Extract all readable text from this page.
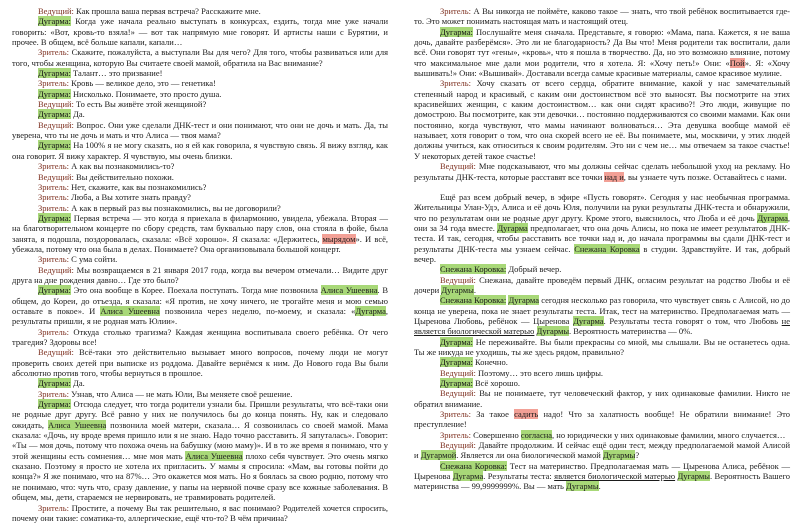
Ведущий: Как прошла ваша первая встреча? Расскажите мне.

Дугарма: Когда уже начала реально выступать в конкурсах, ездить, тогда мне уже начали говорить: «Вот, кровь-то взяла!» — вот так напрямую мне говорят. И артисты наши с Бурятии, и прочее. В общем, всё больше капали, капали…

Зритель: Скажите, пожалуйста, а выступали Вы для чего? Для того, чтобы развиваться или для того, чтобы женщина, которую Вы считаете своей мамой, обратила на Вас внимание?

Дугарма: Талант… это призвание!

Зритель: Кровь — великое дело, это — генетика!

Дугарма: Нисколько. Понимаете, это просто душа.

Ведущий: То есть Вы живёте этой женщиной?

Дугарма: Да.

Ведущий: Вопрос. Они уже сделали ДНК-тест и они понимают, что они не дочь и мать. Да, ты уверена, что ты не дочь и мать и что Алиса — твоя мама?

Дугарма: На 100% я не могу сказать, но я ей как говорила, я чувствую связь. Я вижу взгляд, как она говорит. Я вижу характер. Я чувствую, мы очень близки.

Зритель: А как вы познакомились-то?

Ведущий: Вы действительно похожи.

Зритель: Нет, скажите, как вы познакомились?

Зритель: Люба, а Вы хотите знать правду?

Зритель: А как в первый раз вы познакомились, вы не договорили?

Дугарма: Первая встреча — это когда я приехала в филармонию, увидела, убежала. Вторая — на благотворительном концерте по сбору средств, там буквально пару слов, она стояла в фойе, была занята, я подошла, поздоровалась, сказала: «Всё хорошо». Я сказала: «Держитесь, мырядом». И всё, убежала, потому что она была в делах. Понимаете? Она организовывала большой концерт.

Зритель: С ума сойти.

Ведущий: Мы возвращаемся в 21 января 2017 года, когда вы вечером отмечали… Видите друг друга на дне рождения давно… Где это было?

Дугарма: Это она вообще в Корее. Поехала поступать. Тогда мне позвонила Алиса Ушеевна. В общем, до Кореи, до отъезда, я сказала: «Я против, не хочу ничего, не трогайте меня и мою семью оставьте в покое». И Алиса Ушеевна позвонила через неделю, по-моему, и сказала: «Дугарма, результаты пришли, я не родная мать Юлии».

Зритель: Откуда столько трагизма? Каждая женщина воспитывала своего ребёнка. От чего трагедия? Здоровы все!

Ведущий: Всё-таки это действительно вызывает много вопросов, почему люди не могут проверить своих детей при выписке из роддома. Давайте вернёмся к ним. До Нового года Вы были абсолютно против того, чтобы вернуться в прошлое.

Дугарма: Да.

Зритель: Узнав, что Алиса — не мать Юли, Вы меняете своё решение.

Дугарма: Отсюда следует, что тогда родители узнали бы. Пришли результаты, что всё-таки они не родные друг другу. Всё равно у них не получилось бы до конца понять. Ну, как и следовало ожидать, Алиса Ушеевна позвонила моей матери, сказала… Я созвонилась со своей мамой. Мама сказала: «Дочь, ну вроде время пришло или я не знаю. Надо точно расставить. Я запуталась». Говорит: «Ты — моя дочь, потому что похожа очень на бабушку (мою маму)». И в то же время я понимаю, что у этой женщины есть сомнения… мне моя мать Алиса Ушеевна плохо себя чувствует. Это очень мягко сказано. Поэтому я просто не хотела их пригласить. У мамы я спросила: «Мам, вы готовы пойти до конца?» Я же понимаю, что на 87%… Это окажется моя мать. Но я боялась за свою родню, потому что не понимаю, что: чуть что, сразу давление, у папы на нервной почве сразу все кожные заболевания. В общем, мы, дети, стараемся не нервировать, не травмировать родителей.

Зритель: Простите, а почему Вы так решительно, я вас понимаю? Родителей хочется спросить, почему они такие: соматика-то, аллергические, ещё что-то? В чём причина?

Зритель: А Вы никогда не поймёте, каково такое — знать, что твой ребёнок воспитывается где-то. Это может понимать настоящая мать и настоящий отец.

Дугарма: Послушайте меня сначала. Представьте, я говорю: «Мама, папа. Кажется, я не ваша дочь, давайте разберёмся». Это ли не благодарность? Да Вы что! Меня родители так воспитали, дали всё. Они говорят тут «гены», «кровь», что я пошла в творчество. Да, но это возможно влияние, потому что максимальное мне дали мои родители, что я хотела. Я: «Хочу петь!» Они: «Пой». Я: «Хочу вышивать!» Они: «Вышивай». Доставали всегда самые красивые материалы, самое красивое мулине.

Зритель: Хочу сказать от всего сердца, обратите внимание, какой у нас замечательный степенный народ и красивый, с каким они достоинством всё это выносят. Вы посмотрите на этих красивейших женщин, с каким достоинством… как они сидят красиво?! Это люди, живущие по домострою. Вы посмотрите, как эти девочки… постоянно поддерживаются со своими мамами. Как они постоянно, когда чувствуют, что мамы начинают волноваться… Эта девушка вообще мамой её называет, хотя говорит о том, что она скорей всего не её. Вы понимаете, мы, москвичи, у этих людей должны учиться, как относиться к своим родителям. Это ни с чем не… мы отвечаем за такое счастье! У некоторых детей такое счастье!

Ведущий: Мне подсказывают, что мы должны сейчас сделать небольшой уход на рекламу. Но результаты ДНК-теста, которые расставят все точки над и, вы узнаете чуть позже. Оставайтесь с нами.

Ещё раз всем добрый вечер, в эфире «Пусть говорят». Сегодня у нас необычная программа. Жительницы Улан-Удэ, Алиса и её дочь Юля, получили на руки результаты ДНК-теста и обнаружили, что по результатам они не родные друг другу. Кроме этого, выяснилось, что Люба и её дочь Дугарма, они за 34 года вместе. Дугарма предполагает, что она дочь Алисы, но пока не имеет результатов ДНК-теста. И так, сегодня, чтобы расставить все точки над и, до начала программы вы сдали ДНК-тест и результаты ДНК-теста мы узнаем сейчас. Снежана Коровка в студии. Здравствуйте. И так, добрый вечер.

Снежана Коровка: Добрый вечер.

Ведущий: Снежана, давайте проведём первый ДНК, огласим результат на родство Любы и её дочери Дугармы.

Снежана Коровка: Дугарма сегодня несколько раз говорила, что чувствует связь с Алисой, но до конца не уверена, пока не знает результаты теста. Итак, тест на материнство. Предполагаемая мать — Цыренова Любовь, ребёнок — Цыренова Дугарма. Результаты теста говорят о том, что Любовь не является биологической матерью Дугармы. Вероятность материнства — 0%.

Дугарма: Не переживайте. Вы были прекрасны со мной, мы слышали. Вы не останетесь одна. Ты же никуда не уходишь, ты же здесь рядом, правильно?

Дугарма: Конечно.

Ведущий: Поэтому… это всего лишь цифры.

Дугарма: Всё хорошо.

Ведущий: Вы не понимаете, тут человеческий фактор, у них одинаковые фамилии. Никто не обратил внимание.

Зритель: За такое садить надо! Что за халатность вообще! Не обратили внимание! Это преступление!

Зритель: Совершенно согласна, но юридически у них одинаковые фамилии, много случается…

Ведущий: Давайте продолжим. И сейчас ещё один тест, между предполагаемой мамой Алисой и Дугармой. Является ли она биологической мамой Дугармы?

Снежана Коровка: Тест на материнство. Предполагаемая мать — Цыренова Алиса, ребёнок — Цыренова Дугарма. Результаты теста: является биологической матерью Дугармы. Вероятность Вашего материнства — 99,9999999%. Вы — мать Дугармы.
